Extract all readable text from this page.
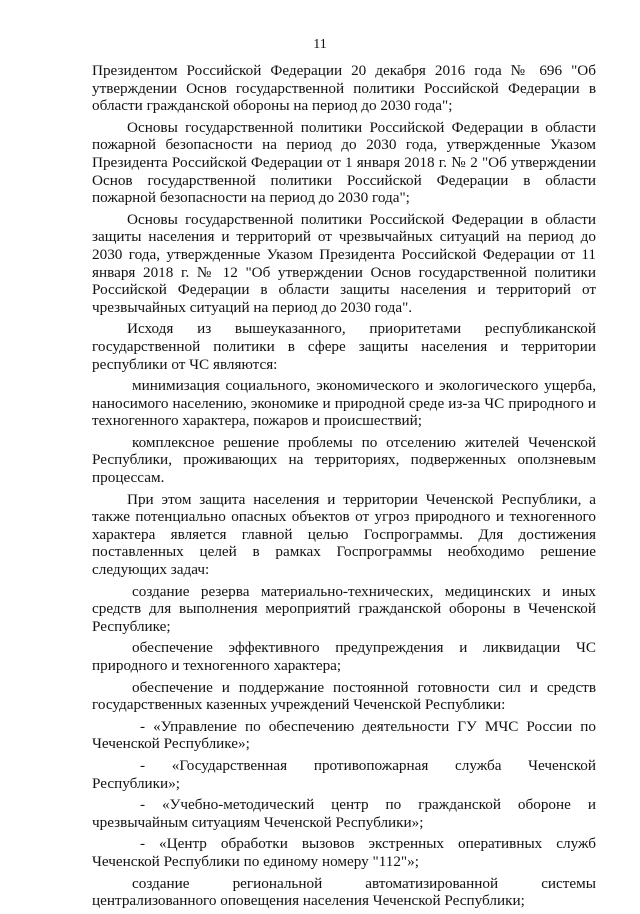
11

Президентом Российской Федерации 20 декабря 2016 года № 696 "Об утверждении Основ государственной политики Российской Федерации в области гражданской обороны на период до 2030 года";

Основы государственной политики Российской Федерации в области пожарной безопасности на период до 2030 года, утвержденные Указом Президента Российской Федерации от 1 января 2018 г. № 2 "Об утверждении Основ государственной политики Российской Федерации в области пожарной безопасности на период до 2030 года";

Основы государственной политики Российской Федерации в области защиты населения и территорий от чрезвычайных ситуаций на период до 2030 года, утвержденные Указом Президента Российской Федерации от 11 января 2018 г. № 12 "Об утверждении Основ государственной политики Российской Федерации в области защиты населения и территорий от чрезвычайных ситуаций на период до 2030 года".

Исходя из вышеуказанного, приоритетами республиканской государственной политики в сфере защиты населения и территории республики от ЧС являются:

минимизация социального, экономического и экологического ущерба, наносимого населению, экономике и природной среде из-за ЧС природного и техногенного характера, пожаров и происшествий;

комплексное решение проблемы по отселению жителей Чеченской Республики, проживающих на территориях, подверженных оползневым процессам.

При этом защита населения и территории Чеченской Республики, а также потенциально опасных объектов от угроз природного и техногенного характера является главной целью Госпрограммы. Для достижения поставленных целей в рамках Госпрограммы необходимо решение следующих задач:

создание резерва материально-технических, медицинских и иных средств для выполнения мероприятий гражданской обороны в Чеченской Республике;

обеспечение эффективного предупреждения и ликвидации ЧС природного и техногенного характера;

обеспечение и поддержание постоянной готовности сил и средств государственных казенных учреждений Чеченской Республики:

- «Управление по обеспечению деятельности ГУ МЧС России по Чеченской Республике»;

- «Государственная противопожарная служба Чеченской Республики»;

- «Учебно-методический центр по гражданской обороне и чрезвычайным ситуациям Чеченской Республики»;

- «Центр обработки вызовов экстренных оперативных служб Чеченской Республики по единому номеру "112"»;

создание региональной автоматизированной системы централизованного оповещения населения Чеченской Республики;
